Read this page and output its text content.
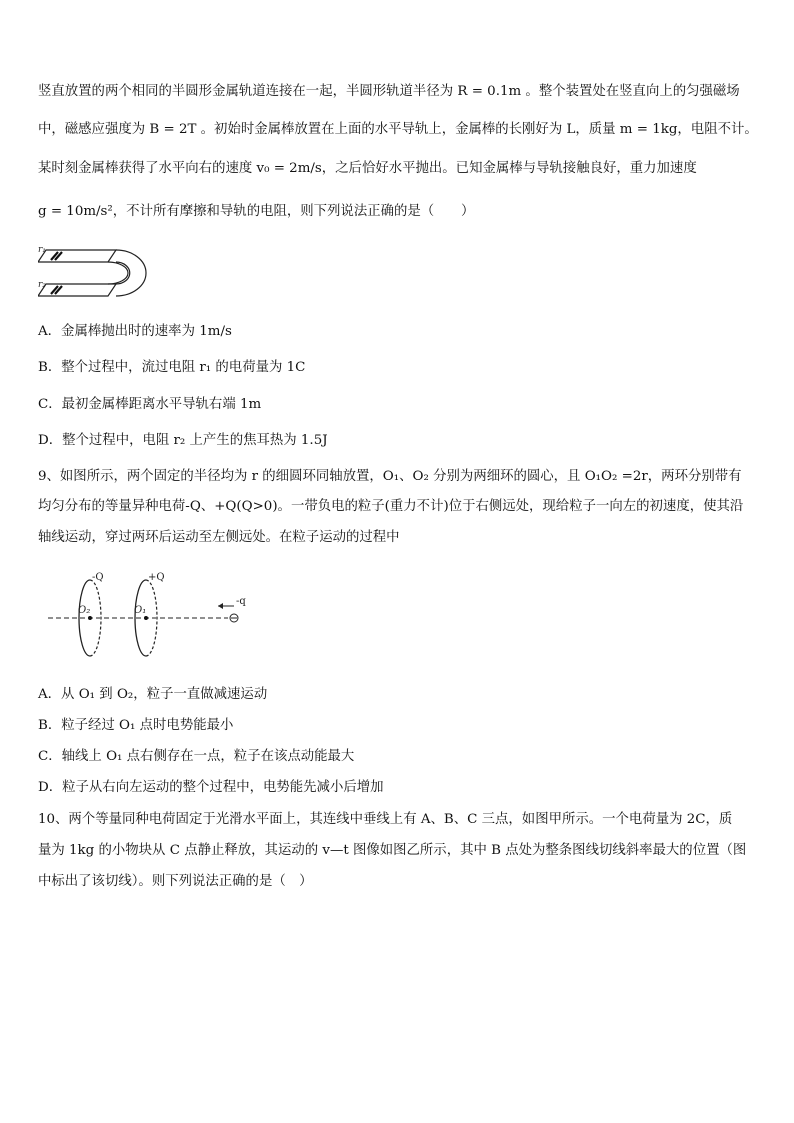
竖直放置的两个相同的半圆形金属轨道连接在一起，半圆形轨道半径为 R = 0.1m 。整个装置处在竖直向上的匀强磁场
中，磁感应强度为 B = 2T 。初始时金属棒放置在上面的水平导轨上，金属棒的长刚好为 L，质量 m = 1kg，电阻不计。
某时刻金属棒获得了水平向右的速度 v₀ = 2m/s，之后恰好水平抛出。已知金属棒与导轨接触良好，重力加速度
g = 10m/s²，不计所有摩擦和导轨的电阻，则下列说法正确的是（　　）
r₁
r₂
A．金属棒抛出时的速率为 1m/s
B．整个过程中，流过电阻 r₁ 的电荷量为 1C
C．最初金属棒距离水平导轨右端 1m
D．整个过程中，电阻 r₂ 上产生的焦耳热为 1.5J
9、如图所示，两个固定的半径均为 r 的细圆环同轴放置，O₁、O₂ 分别为两细环的圆心，且 O₁O₂ =2r，两环分别带有
均匀分布的等量异种电荷-Q、+Q(Q>0)。一带负电的粒子(重力不计)位于右侧远处，现给粒子一向左的初速度，使其沿
轴线运动，穿过两环后运动至左侧远处。在粒子运动的过程中
-Q	+Q
O₂	O₁
-q
A．从 O₁ 到 O₂，粒子一直做减速运动
B．粒子经过 O₁ 点时电势能最小
C．轴线上 O₁ 点右侧存在一点，粒子在该点动能最大
D．粒子从右向左运动的整个过程中，电势能先减小后增加
10、两个等量同种电荷固定于光滑水平面上，其连线中垂线上有 A、B、C 三点，如图甲所示。一个电荷量为 2C，质
量为 1kg 的小物块从 C 点静止释放，其运动的 v—t 图像如图乙所示，其中 B 点处为整条图线切线斜率最大的位置（图
中标出了该切线）。则下列说法正确的是（　）
